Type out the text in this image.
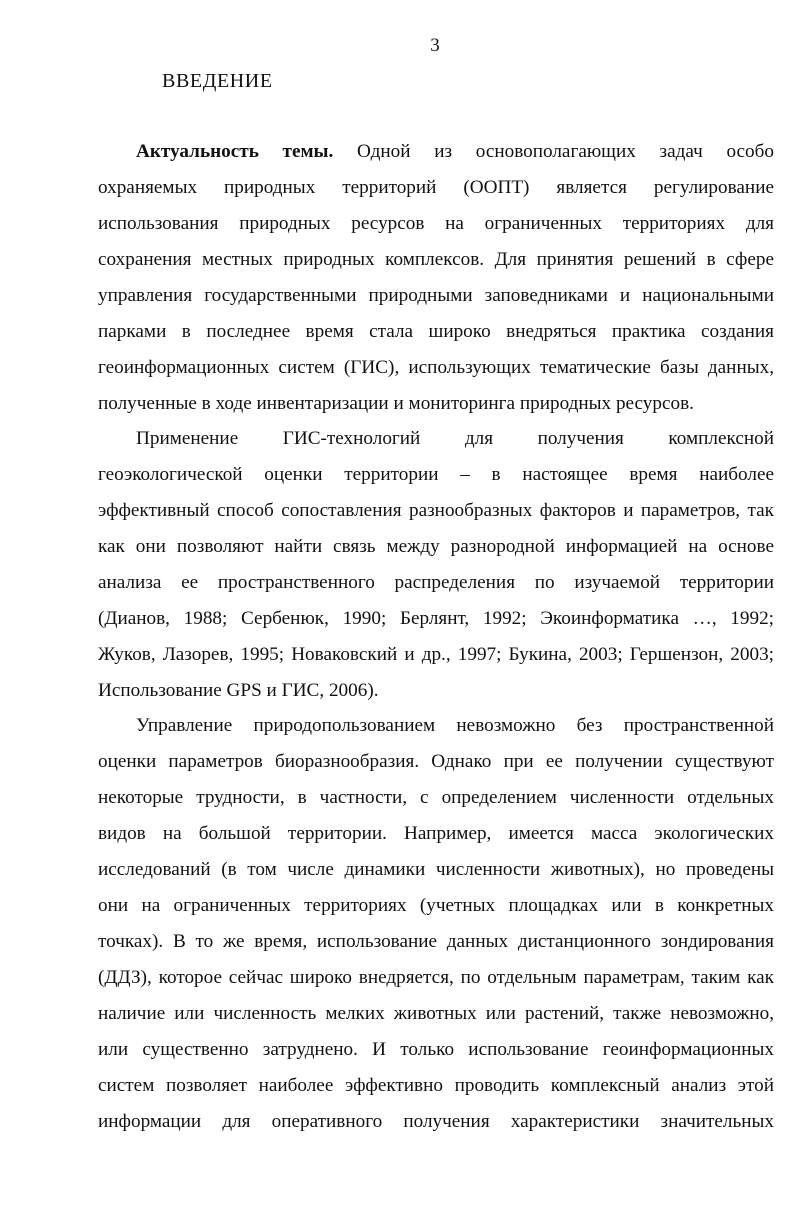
3
ВВЕДЕНИЕ
Актуальность темы. Одной из основополагающих задач особо
охраняемых природных территорий (ООПТ) является регулирование
использования природных ресурсов на ограниченных территориях для
сохранения местных природных комплексов. Для принятия решений в сфере
управления государственными природными заповедниками и национальными
парками в последнее время стала широко внедряться практика создания
геоинформационных систем (ГИС), использующих тематические базы данных,
полученные в ходе инвентаризации и мониторинга природных ресурсов.
Применение ГИС-технологий для получения комплексной
геоэкологической оценки территории – в настоящее время наиболее
эффективный способ сопоставления разнообразных факторов и параметров, так
как они позволяют найти связь между разнородной информацией на основе
анализа ее пространственного распределения по изучаемой территории
(Дианов, 1988; Сербенюк, 1990; Берлянт, 1992; Экоинформатика …, 1992;
Жуков, Лазорев, 1995; Новаковский и др., 1997; Букина, 2003; Гершензон, 2003;
Использование GPS и ГИС, 2006).
Управление природопользованием невозможно без пространственной
оценки параметров биоразнообразия. Однако при ее получении существуют
некоторые трудности, в частности, с определением численности отдельных
видов на большой территории. Например, имеется масса экологических
исследований (в том числе динамики численности животных), но проведены
они на ограниченных территориях (учетных площадках или в конкретных
точках). В то же время, использование данных дистанционного зондирования
(ДДЗ), которое сейчас широко внедряется, по отдельным параметрам, таким как
наличие или численность мелких животных или растений, также невозможно,
или существенно затруднено. И только использование геоинформационных
систем позволяет наиболее эффективно проводить комплексный анализ этой
информации для оперативного получения характеристики значительных
